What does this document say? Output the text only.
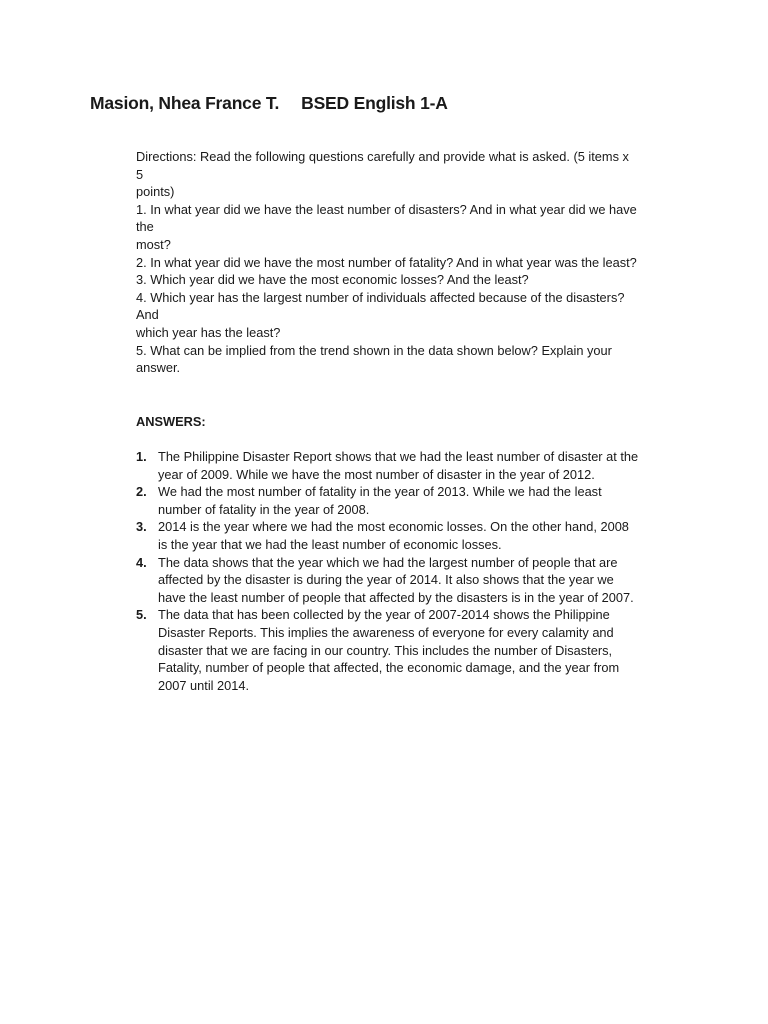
Masion, Nhea France T. BSED English 1-A
Directions: Read the following questions carefully and provide what is asked. (5 items x
5
points)
1. In what year did we have the least number of disasters? And in what year did we have
the
most?
2. In what year did we have the most number of fatality? And in what year was the least?
3. Which year did we have the most economic losses? And the least?
4. Which year has the largest number of individuals affected because of the disasters?
And
which year has the least?
5. What can be implied from the trend shown in the data shown below? Explain your
answer.
ANSWERS:
1. The Philippine Disaster Report shows that we had the least number of disaster at the
year of 2009. While we have the most number of disaster in the year of 2012.
2. We had the most number of fatality in the year of 2013. While we had the least
number of fatality in the year of 2008.
3. 2014 is the year where we had the most economic losses. On the other hand, 2008
is the year that we had the least number of economic losses.
4. The data shows that the year which we had the largest number of people that are
affected by the disaster is during the year of 2014. It also shows that the year we
have the least number of people that affected by the disasters is in the year of 2007.
5. The data that has been collected by the year of 2007-2014 shows the Philippine
Disaster Reports. This implies the awareness of everyone for every calamity and
disaster that we are facing in our country. This includes the number of Disasters,
Fatality, number of people that affected, the economic damage, and the year from
2007 until 2014.
